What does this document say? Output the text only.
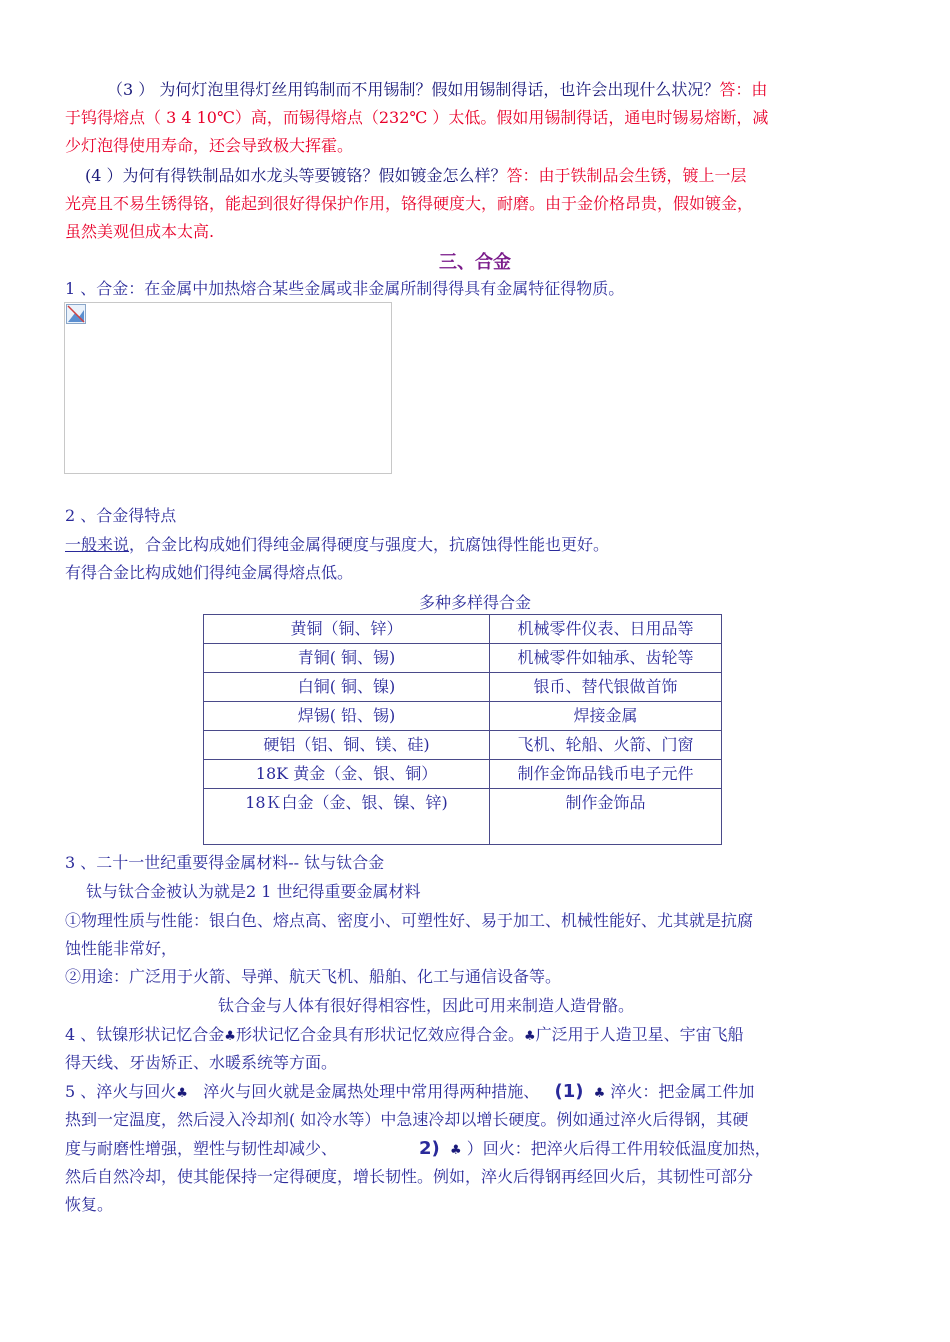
（3 ） 为何灯泡里得灯丝用钨制而不用锡制？假如用锡制得话，也许会出现什么状况？答：由
于钨得熔点（ 3 4 10℃）高，而锡得熔点（232℃ ）太低。假如用锡制得话，通电时锡易熔断，减
少灯泡得使用寿命，还会导致极大挥霍。
(4 ）为何有得铁制品如水龙头等要镀铬？假如镀金怎么样？答：由于铁制品会生锈，镀上一层
光亮且不易生锈得铬，能起到很好得保护作用，铬得硬度大，耐磨。由于金价格昂贵，假如镀金，
虽然美观但成本太高.
三、合金
1 、合金：在金属中加热熔合某些金属或非金属所制得得具有金属特征得物质。
2 、合金得特点
一般来说，合金比构成她们得纯金属得硬度与强度大，抗腐蚀得性能也更好。
有得合金比构成她们得纯金属得熔点低。
多种多样得合金
黄铜（铜、锌）	机械零件仪表、日用品等
青铜( 铜、锡)	机械零件如轴承、齿轮等
白铜( 铜、镍)	银币、替代银做首饰
焊锡( 铅、锡)	焊接金属
硬铝（铝、铜、镁、硅)	飞机、轮船、火箭、门窗
18K 黄金（金、银、铜）	制作金饰品钱币电子元件
18Ｋ白金（金、银、镍、锌)	制作金饰品
3 、二十一世纪重要得金属材料-- 钛与钛合金
钛与钛合金被认为就是2 1 世纪得重要金属材料
①物理性质与性能：银白色、熔点高、密度小、可塑性好、易于加工、机械性能好、尤其就是抗腐
蚀性能非常好，
②用途：广泛用于火箭、导弹、航天飞机、船舶、化工与通信设备等。
钛合金与人体有很好得相容性，因此可用来制造人造骨骼。
4 、钛镍形状记忆合金♣形状记忆合金具有形状记忆效应得合金。♣广泛用于人造卫星、宇宙飞船
得天线、牙齿矫正、水暖系统等方面。
5 、淬火与回火♣ 淬火与回火就是金属热处理中常用得两种措施、 (1) ♣ 淬火：把金属工件加
热到一定温度，然后浸入冷却剂( 如冷水等）中急速冷却以增长硬度。例如通过淬火后得钢，其硬
度与耐磨性增强，塑性与韧性却减少、	2) ♣ ）回火：把淬火后得工件用较低温度加热，
然后自然冷却，使其能保持一定得硬度，增长韧性。例如，淬火后得钢再经回火后，其韧性可部分
恢复。
